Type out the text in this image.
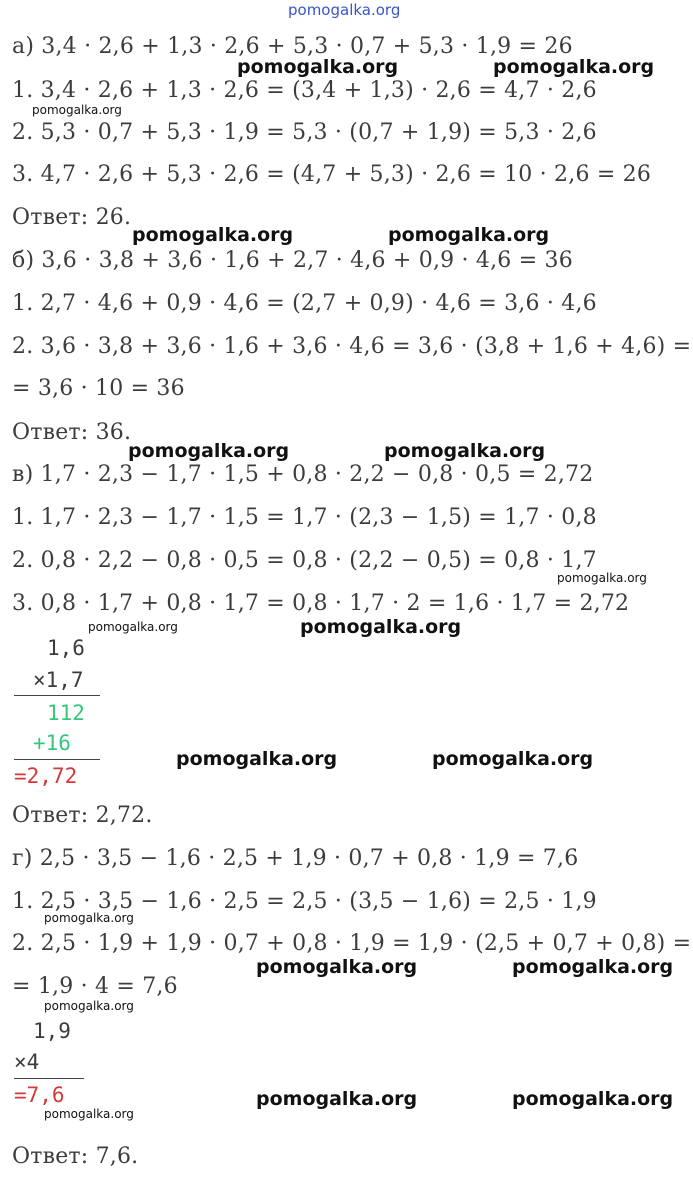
pomogalka.org
а) 3,4 · 2,6 + 1,3 · 2,6 + 5,3 · 0,7 + 5,3 · 1,9 = 26
pomogalka.org	pomogalka.org
1. 3,4 · 2,6 + 1,3 · 2,6 = (3,4 + 1,3) · 2,6 = 4,7 · 2,6
pomogalka.org
2. 5,3 · 0,7 + 5,3 · 1,9 = 5,3 · (0,7 + 1,9) = 5,3 · 2,6
3. 4,7 · 2,6 + 5,3 · 2,6 = (4,7 + 5,3) · 2,6 = 10 · 2,6 = 26
Ответ: 26.
pomogalka.org	pomogalka.org
б) 3,6 · 3,8 + 3,6 · 1,6 + 2,7 · 4,6 + 0,9 · 4,6 = 36
1. 2,7 · 4,6 + 0,9 · 4,6 = (2,7 + 0,9) · 4,6 = 3,6 · 4,6
2. 3,6 · 3,8 + 3,6 · 1,6 + 3,6 · 4,6 = 3,6 · (3,8 + 1,6 + 4,6) =
= 3,6 · 10 = 36
Ответ: 36.
pomogalka.org	pomogalka.org
в) 1,7 · 2,3 − 1,7 · 1,5 + 0,8 · 2,2 − 0,8 · 0,5 = 2,72
1. 1,7 · 2,3 − 1,7 · 1,5 = 1,7 · (2,3 − 1,5) = 1,7 · 0,8
2. 0,8 · 2,2 − 0,8 · 0,5 = 0,8 · (2,2 − 0,5) = 0,8 · 1,7
pomogalka.org
3. 0,8 · 1,7 + 0,8 · 1,7 = 0,8 · 1,7 · 2 = 1,6 · 1,7 = 2,72
pomogalka.org	pomogalka.org
1,6
×1,7
112
+16
=2,72
pomogalka.org	pomogalka.org
Ответ: 2,72.
г) 2,5 · 3,5 − 1,6 · 2,5 + 1,9 · 0,7 + 0,8 · 1,9 = 7,6
1. 2,5 · 3,5 − 1,6 · 2,5 = 2,5 · (3,5 − 1,6) = 2,5 · 1,9
pomogalka.org
2. 2,5 · 1,9 + 1,9 · 0,7 + 0,8 · 1,9 = 1,9 · (2,5 + 0,7 + 0,8) =
pomogalka.org	pomogalka.org
= 1,9 · 4 = 7,6
pomogalka.org
1,9
×4
=7,6
pomogalka.org
pomogalka.org	pomogalka.org
Ответ: 7,6.
